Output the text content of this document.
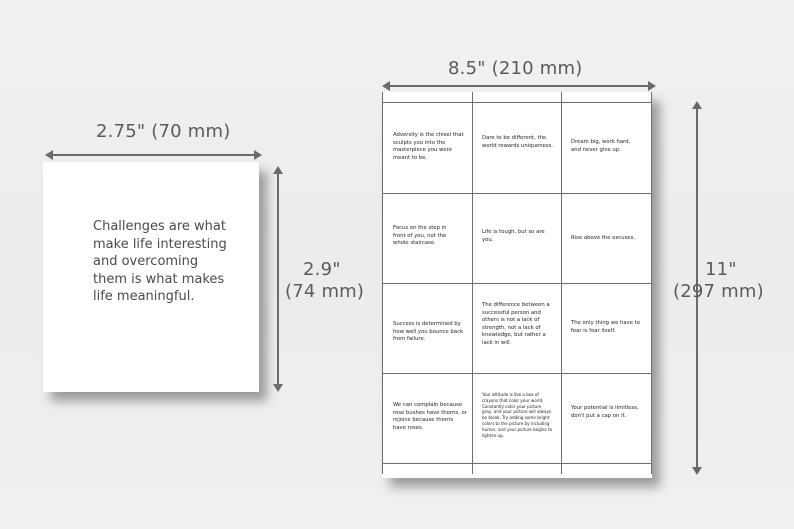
2.75" (70 mm)
Challenges are what make life interesting and overcoming them is what makes life meaningful.
2.9"
(74 mm)
8.5" (210 mm)
Adversity is the chisel that sculpts you into the masterpiece you were meant to be.
Dare to be different, the world rewards uniqueness.
Dream big, work hard, and never give up.
Focus on the step in front of you, not the whole staircase.
Life is tough, but so are you.	Rise above the excuses.
Success is determined by how well you bounce back from failure.
The difference between a successful person and others is not a lack of strength, not a lack of knowledge, but rather a lack in will.
The only thing we have to fear is fear itself.
We can complain because rose bushes have thorns, or rejoice because thorns have roses.
Your attitude is like a box of crayons that color your world. Constantly color your picture gray, and your picture will always be bleak. Try adding some bright colors to the picture by including humor, and your picture begins to lighten up.
Your potential is limitless, don't put a cap on it.
11"
(297 mm)
